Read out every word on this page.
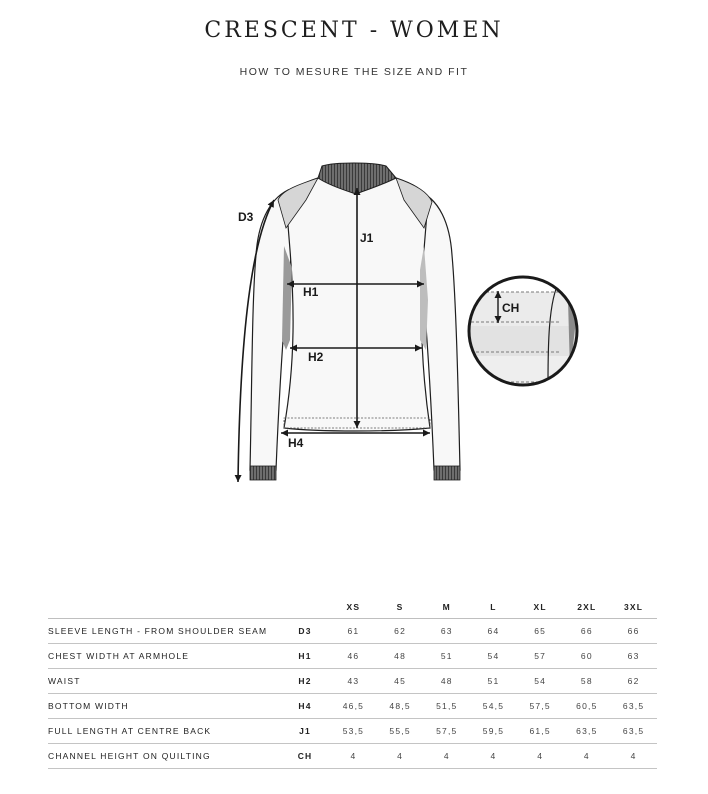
CRESCENT - WOMEN
HOW TO MESURE THE SIZE AND FIT
D3
J1
H1
H2
H4
CH
		XS	S	M	L	XL	2XL	3XL
SLEEVE LENGTH - FROM SHOULDER SEAM	D3	61	62	63	64	65	66	66
CHEST WIDTH AT ARMHOLE	H1	46	48	51	54	57	60	63
WAIST	H2	43	45	48	51	54	58	62
BOTTOM WIDTH	H4	46,5	48,5	51,5	54,5	57,5	60,5	63,5
FULL LENGTH AT CENTRE BACK	J1	53,5	55,5	57,5	59,5	61,5	63,5	63,5
CHANNEL HEIGHT ON QUILTING	CH	4	4	4	4	4	4	4
